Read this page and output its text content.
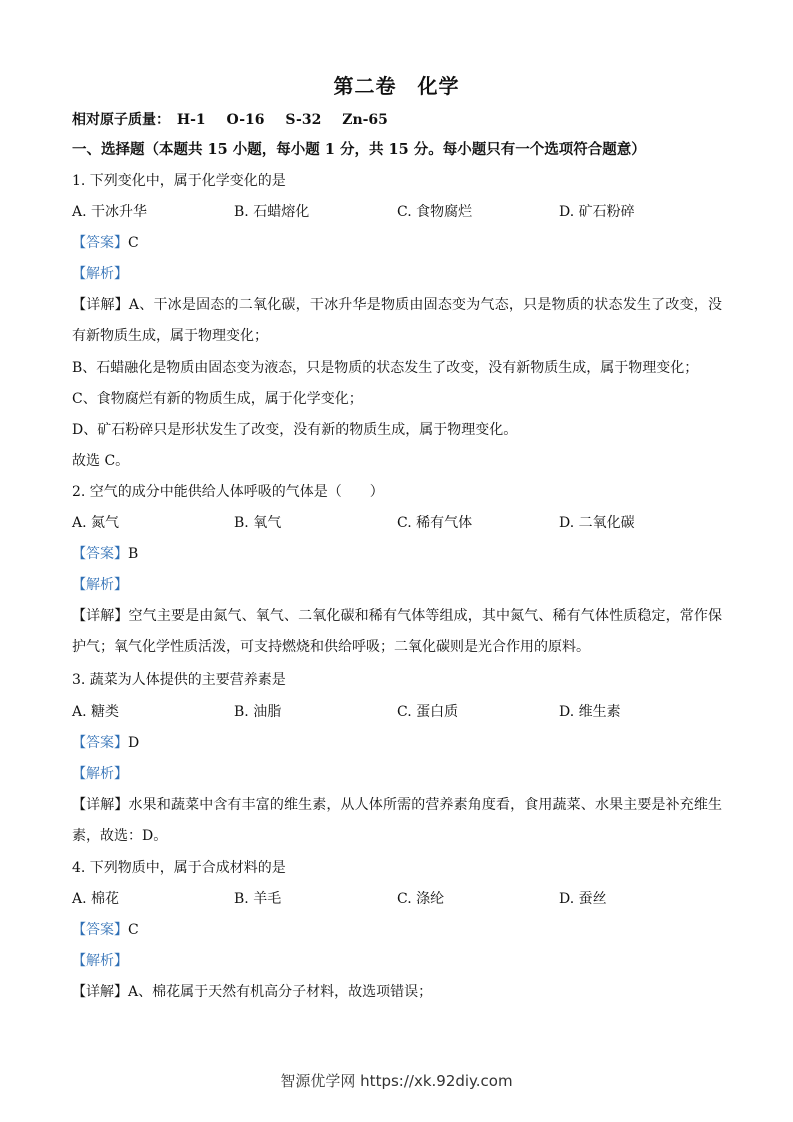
第二卷　化学
相对原子质量： H-1 O-16 S-32 Zn-65
一、选择题（本题共 15 小题，每小题 1 分，共 15 分。每小题只有一个选项符合题意）
1. 下列变化中，属于化学变化的是
A. 干冰升华	B. 石蜡熔化	C. 食物腐烂	D. 矿石粉碎
【答案】C
【解析】
【详解】A、干冰是固态的二氧化碳，干冰升华是物质由固态变为气态，只是物质的状态发生了改变，没有新物质生成，属于物理变化；
B、石蜡融化是物质由固态变为液态，只是物质的状态发生了改变，没有新物质生成，属于物理变化；
C、食物腐烂有新的物质生成，属于化学变化；
D、矿石粉碎只是形状发生了改变，没有新的物质生成，属于物理变化。
故选 C。
2. 空气的成分中能供给人体呼吸的气体是（　　）
A. 氮气	B. 氧气	C. 稀有气体	D. 二氧化碳
【答案】B
【解析】
【详解】空气主要是由氮气、氧气、二氧化碳和稀有气体等组成，其中氮气、稀有气体性质稳定，常作保护气；氧气化学性质活泼，可支持燃烧和供给呼吸；二氧化碳则是光合作用的原料。
3. 蔬菜为人体提供的主要营养素是
A. 糖类	B. 油脂	C. 蛋白质	D. 维生素
【答案】D
【解析】
【详解】水果和蔬菜中含有丰富的维生素，从人体所需的营养素角度看，食用蔬菜、水果主要是补充维生素，故选：D。
4. 下列物质中，属于合成材料的是
A. 棉花	B. 羊毛	C. 涤纶	D. 蚕丝
【答案】C
【解析】
【详解】A、棉花属于天然有机高分子材料，故选项错误；
智源优学网 https://xk.92diy.com
